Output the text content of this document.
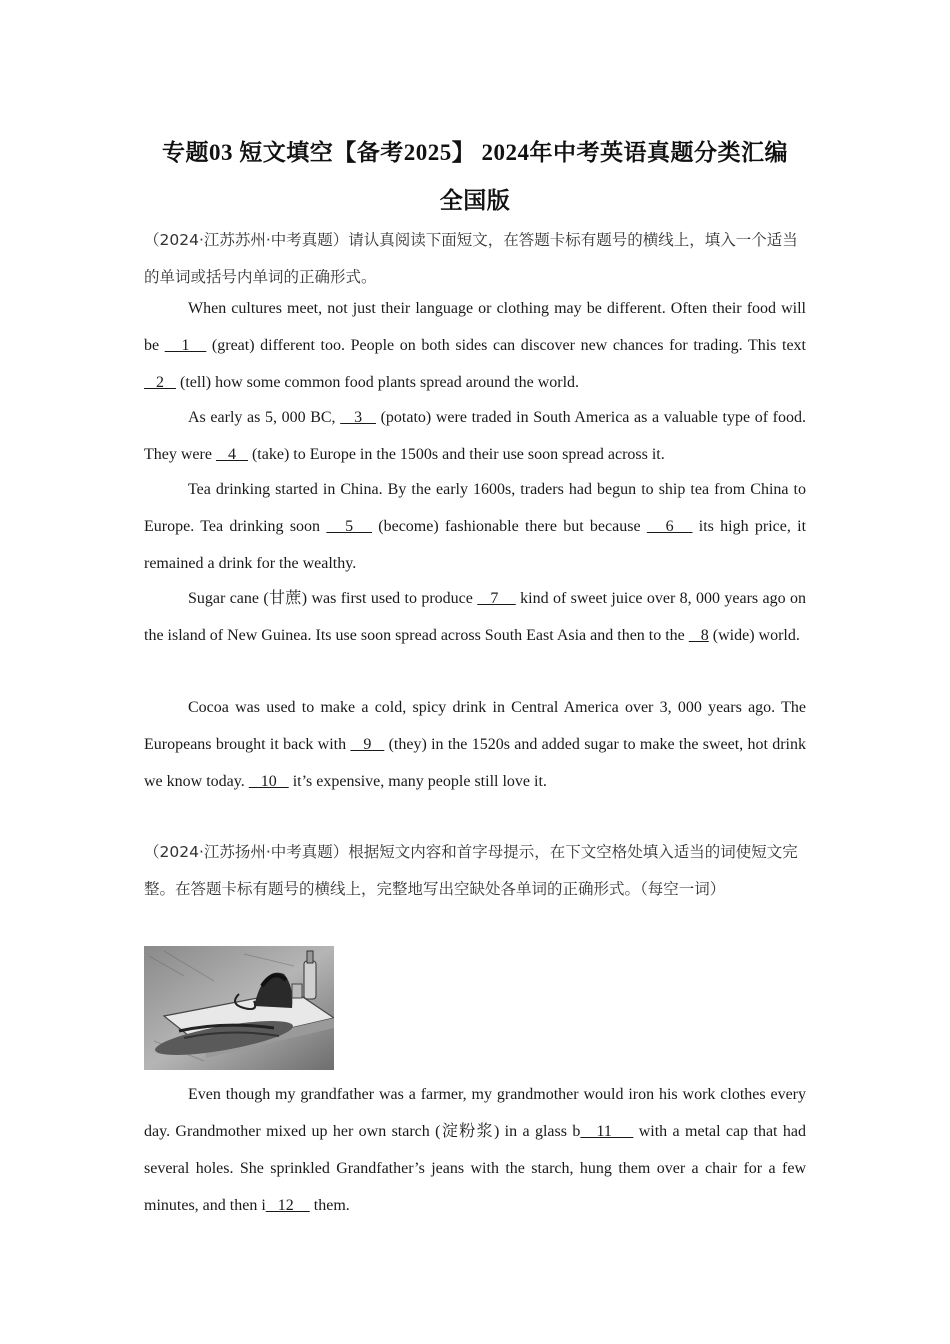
专题03 短文填空【备考2025】 2024年中考英语真题分类汇编
全国版
（2024·江苏苏州·中考真题）请认真阅读下面短文，在答题卡标有题号的横线上，填入一个适当的单词或括号内单词的正确形式。
When cultures meet, not just their language or clothing may be different. Often their food will be    1    (great) different too. People on both sides can discover new chances for trading. This text    2    (tell) how some common food plants spread around the world.
As early as 5, 000 BC,    3    (potato) were traded in South America as a valuable type of food. They were    4    (take) to Europe in the 1500s and their use soon spread across it.
Tea drinking started in China. By the early 1600s, traders had begun to ship tea from China to Europe. Tea drinking soon    5    (become) fashionable there but because    6    its high price, it remained a drink for the wealthy.
Sugar cane (甘蔗) was first used to produce    7     kind of sweet juice over 8, 000 years ago on the island of New Guinea. Its use soon spread across South East Asia and then to the    8 (wide) world.
Cocoa was used to make a cold, spicy drink in Central America over 3, 000 years ago. The Europeans brought it back with    9    (they) in the 1520s and added sugar to make the sweet, hot drink we know today.    10    it’s expensive, many people still love it.
（2024·江苏扬州·中考真题）根据短文内容和首字母提示，在下文空格处填入适当的词使短文完整。在答题卡标有题号的横线上，完整地写出空缺处各单词的正确形式。（每空一词）
Even though my grandfather was a farmer, my grandmother would iron his work clothes every day. Grandmother mixed up her own starch (淀粉浆) in a glass b   11     with a metal cap that had several holes. She sprinkled Grandfather’s jeans with the starch, hung them over a chair for a few minutes, and then i   12     them.
